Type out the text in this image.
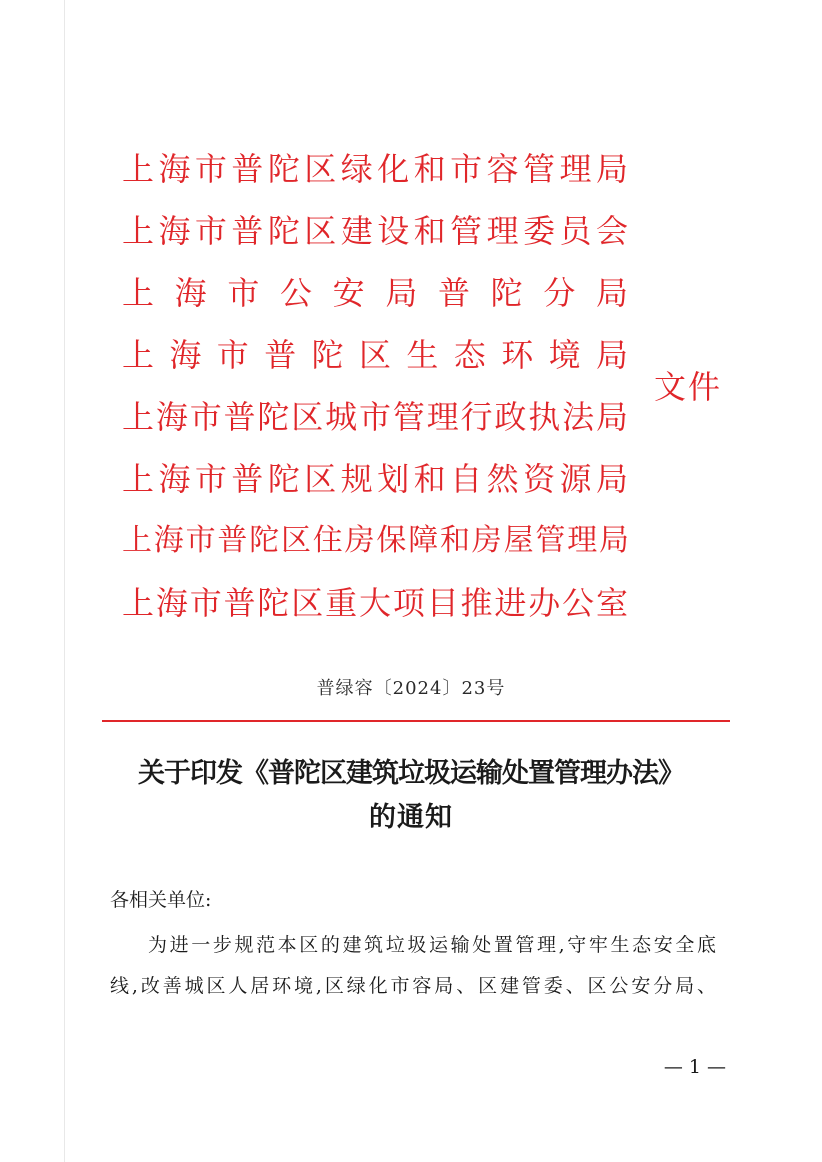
上海市普陀区绿化和市容管理局
上海市普陀区建设和管理委员会
上海市公安局普陀分局
上海市普陀区生态环境局
上海市普陀区城市管理行政执法局
上海市普陀区规划和自然资源局
上海市普陀区住房保障和房屋管理局
上海市普陀区重大项目推进办公室
文件
普绿容〔2024〕23号
关于印发《普陀区建筑垃圾运输处置管理办法》
的通知
各相关单位:
为进一步规范本区的建筑垃圾运输处置管理,守牢生态安全底
线,改善城区人居环境,区绿化市容局、区建管委、区公安分局、
— 1 —
